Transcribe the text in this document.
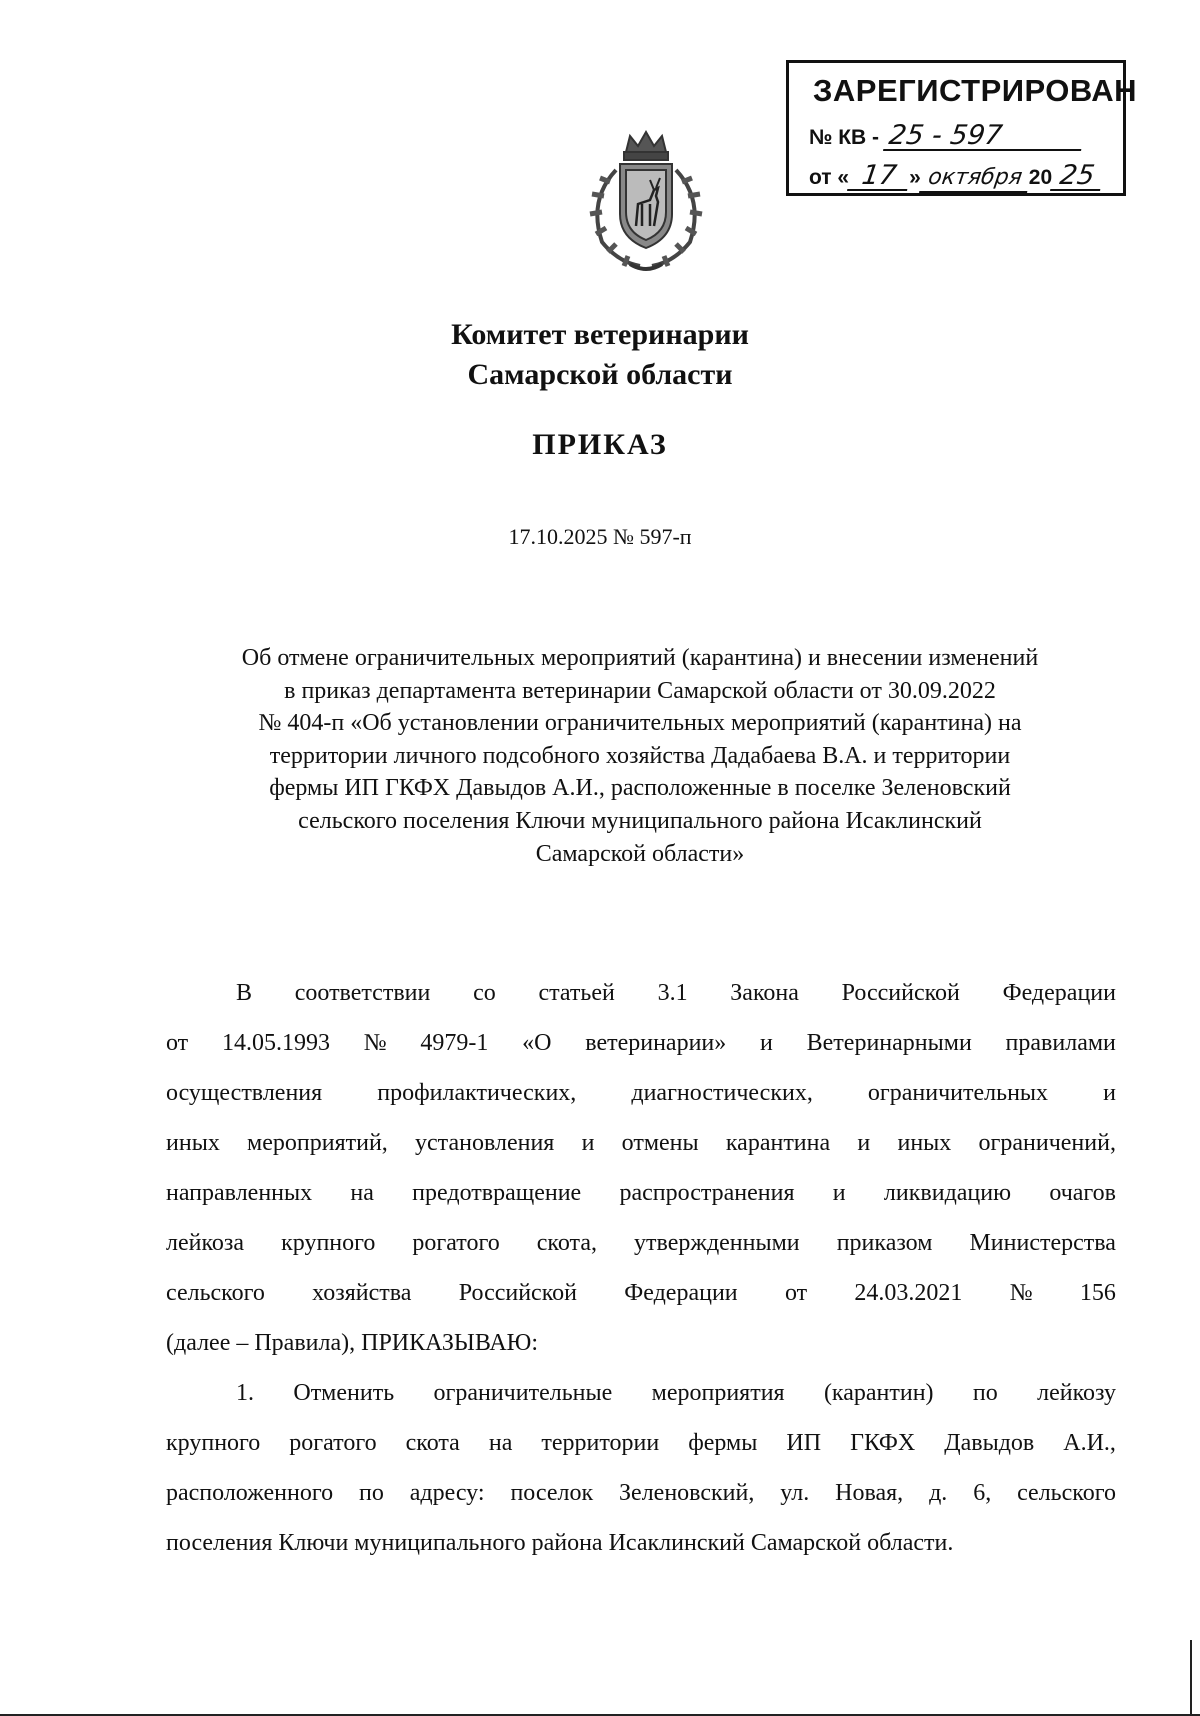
ЗАРЕГИСТРИРОВАН
№ КВ - 25 - 597
от « 17 » октября 20 25
Комитет ветеринарии
Самарской области
ПРИКАЗ
17.10.2025 № 597-п
Об отмене ограничительных мероприятий (карантина) и внесении изменений
в приказ департамента ветеринарии Самарской области от 30.09.2022
№ 404-п «Об установлении ограничительных мероприятий (карантина) на
территории личного подсобного хозяйства Дадабаева В.А. и территории
фермы ИП ГКФХ Давыдов А.И., расположенные в поселке Зеленовский
сельского поселения Ключи муниципального района Исаклинский
Самарской области»
В соответствии со статьей 3.1 Закона Российской Федерации
от 14.05.1993 № 4979-1 «О ветеринарии» и Ветеринарными правилами
осуществления профилактических, диагностических, ограничительных и
иных мероприятий, установления и отмены карантина и иных ограничений,
направленных на предотвращение распространения и ликвидацию очагов
лейкоза крупного рогатого скота, утвержденными приказом Министерства
сельского хозяйства Российской Федерации от 24.03.2021 № 156
(далее – Правила), ПРИКАЗЫВАЮ:
1. Отменить ограничительные мероприятия (карантин) по лейкозу
крупного рогатого скота на территории фермы ИП ГКФХ Давыдов А.И.,
расположенного по адресу: поселок Зеленовский, ул. Новая, д. 6, сельского
поселения Ключи муниципального района Исаклинский Самарской области.
